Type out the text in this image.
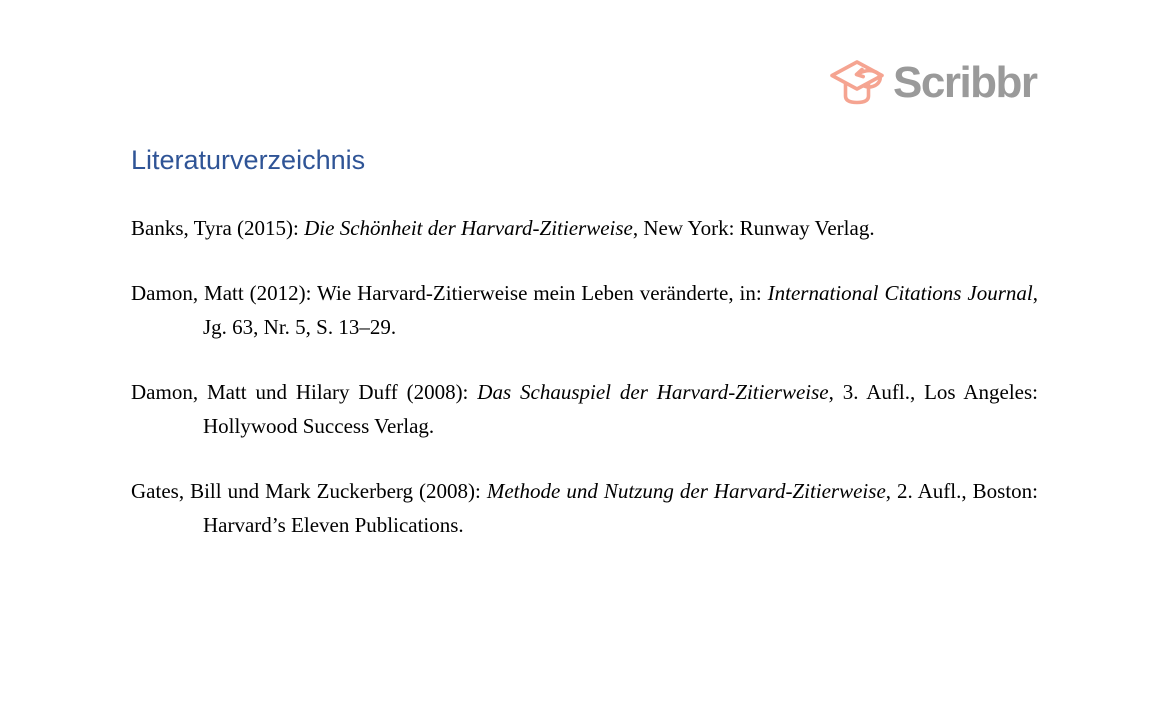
Scribbr
Literaturverzeichnis

Banks, Tyra (2015): Die Schönheit der Harvard-Zitierweise, New York: Runway Verlag.

Damon, Matt (2012): Wie Harvard-Zitierweise mein Leben veränderte, in: International Citations Journal, Jg. 63, Nr. 5, S. 13–29.

Damon, Matt und Hilary Duff (2008): Das Schauspiel der Harvard-Zitierweise, 3. Aufl., Los Angeles: Hollywood Success Verlag.

Gates, Bill und Mark Zuckerberg (2008): Methode und Nutzung der Harvard-Zitierweise, 2. Aufl., Boston: Harvard’s Eleven Publications.
